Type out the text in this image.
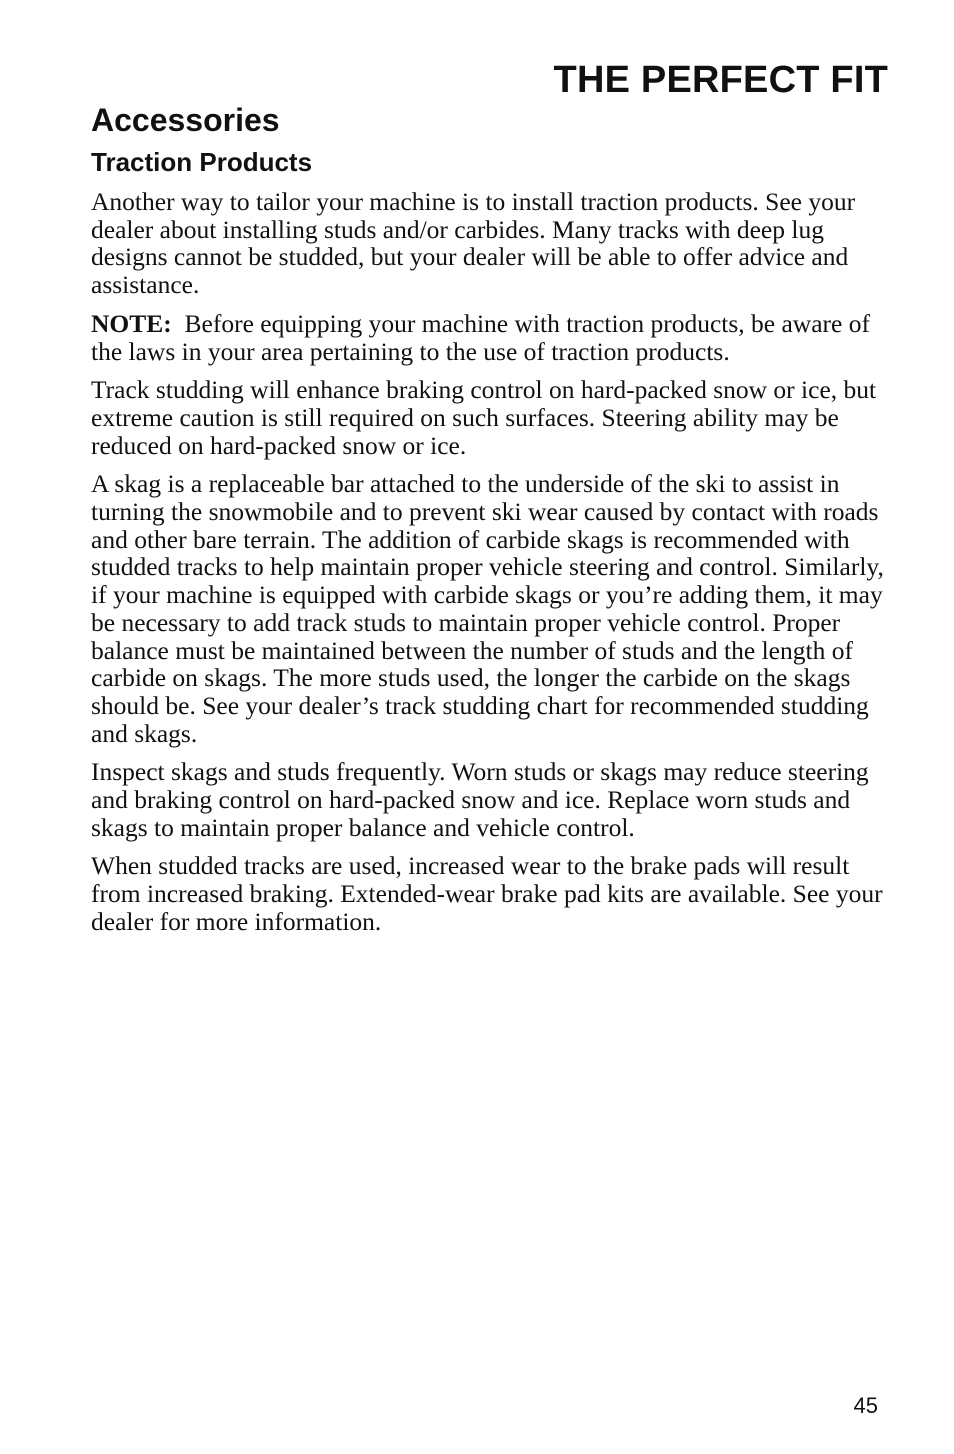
THE PERFECT FIT
Accessories
Traction Products

Another way to tailor your machine is to install traction products. See your dealer about installing studs and/or carbides. Many tracks with deep lug designs cannot be studded, but your dealer will be able to offer advice and assistance.

NOTE:  Before equipping your machine with traction products, be aware of the laws in your area pertaining to the use of traction products.

Track studding will enhance braking control on hard-packed snow or ice, but extreme caution is still required on such surfaces. Steering ability may be reduced on hard-packed snow or ice.

A skag is a replaceable bar attached to the underside of the ski to assist in turning the snowmobile and to prevent ski wear caused by contact with roads and other bare terrain. The addition of carbide skags is recommended with studded tracks to help maintain proper vehicle steering and control. Similarly, if your machine is equipped with carbide skags or you’re adding them, it may be necessary to add track studs to maintain proper vehicle control. Proper balance must be maintained between the number of studs and the length of carbide on skags. The more studs used, the longer the carbide on the skags should be. See your dealer’s track studding chart for recommended studding and skags.

Inspect skags and studs frequently. Worn studs or skags may reduce steering and braking control on hard-packed snow and ice. Replace worn studs and skags to maintain proper balance and vehicle control.

When studded tracks are used, increased wear to the brake pads will result from increased braking. Extended-wear brake pad kits are available. See your dealer for more information.

45
